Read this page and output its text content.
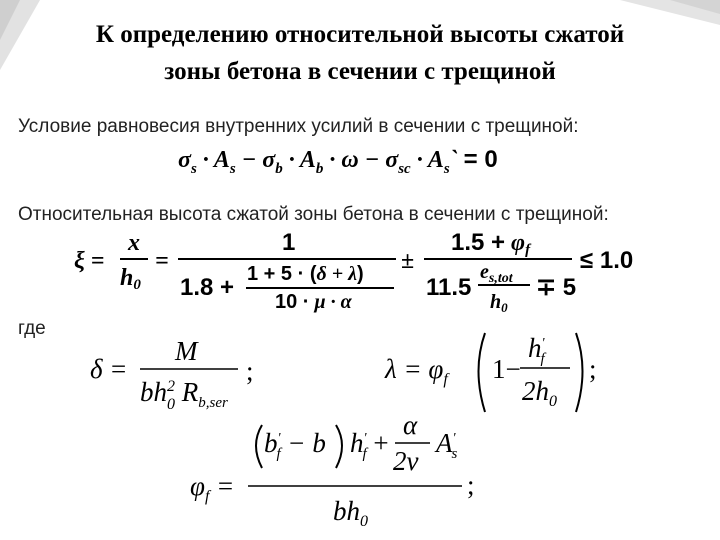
К определению относительной высоты сжатой
зоны бетона в сечении с трещиной
Условие равновесия внутренних усилий в сечении с трещиной:
$\sigma_s \cdot A_s - \sigma_b \cdot A_b \cdot \omega - \sigma_{sc}$ · $A_s` = 0$
Относительная высота сжатой зоны бетона в сечении с трещиной:
ξ =
x
h0
=
1
1.8 + 1 + 5 · (δ + λ)
10 · μ · α
±
1.5 + φf
11.5
$e_{s,tot}$
$h_0$
∓ 5
≤ 1.0
δ =
M
$bh^2$ 0 $R_{b,ser}$
;	$\lambda = \varphi_f$ 1−
h' f
$2h_0$
;
$\varphi_f$ =
b' f − b h' f +
α
2ν
A' s
$bh_0$
;
где
